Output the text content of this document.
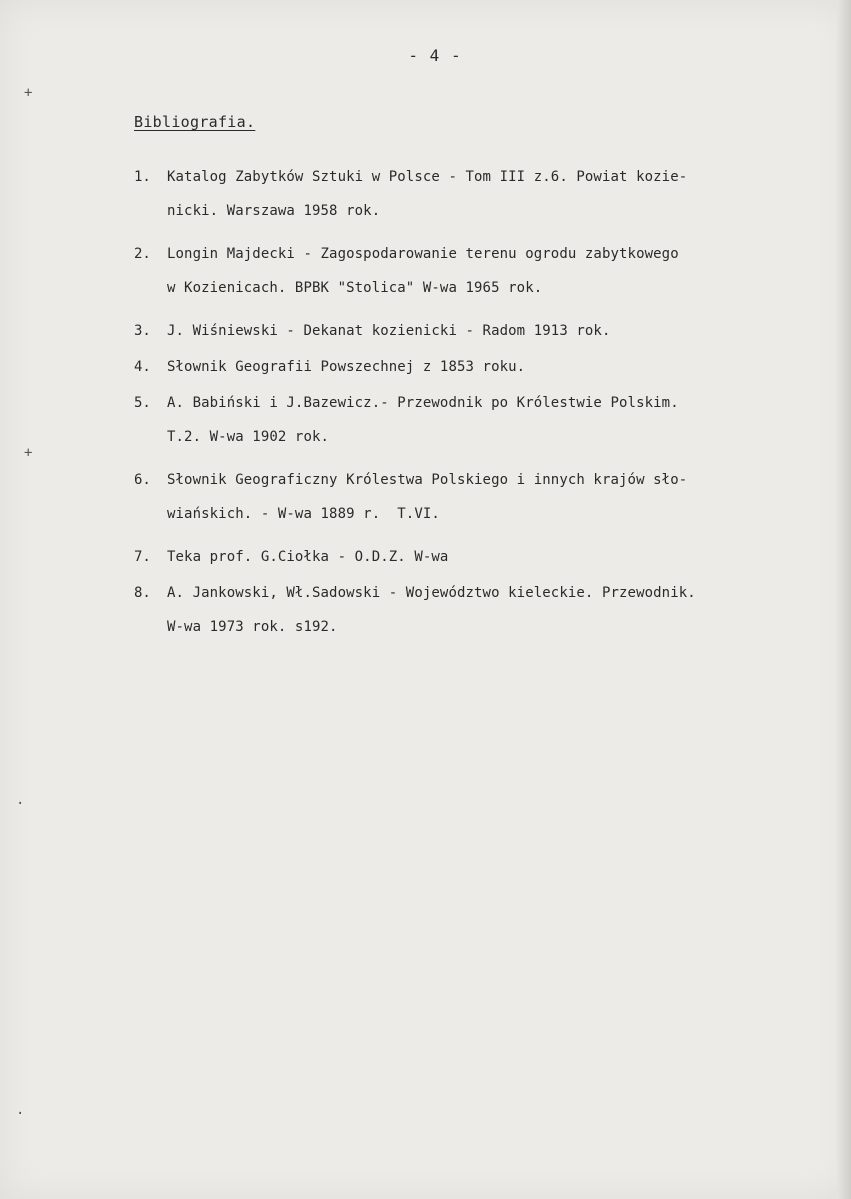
+
+
.
.
- 4 -
Bibliografia.
1.	Katalog Zabytków Sztuki w Polsce - Tom III z.6. Powiat kozie-
nicki. Warszawa 1958 rok.
2.	Longin Majdecki - Zagospodarowanie terenu ogrodu zabytkowego
w Kozienicach. BPBK "Stolica" W-wa 1965 rok.
3.	J. Wiśniewski - Dekanat kozienicki - Radom 1913 rok.
4.	Słownik Geografii Powszechnej z 1853 roku.
5.	A. Babiński i J.Bazewicz.- Przewodnik po Królestwie Polskim.
T.2. W-wa 1902 rok.
6.	Słownik Geograficzny Królestwa Polskiego i innych krajów sło-
wiańskich. - W-wa 1889 r.  T.VI.
7.	Teka prof. G.Ciołka - O.D.Z. W-wa
8.	A. Jankowski, Wł.Sadowski - Województwo kieleckie. Przewodnik.
W-wa 1973 rok. s192.
